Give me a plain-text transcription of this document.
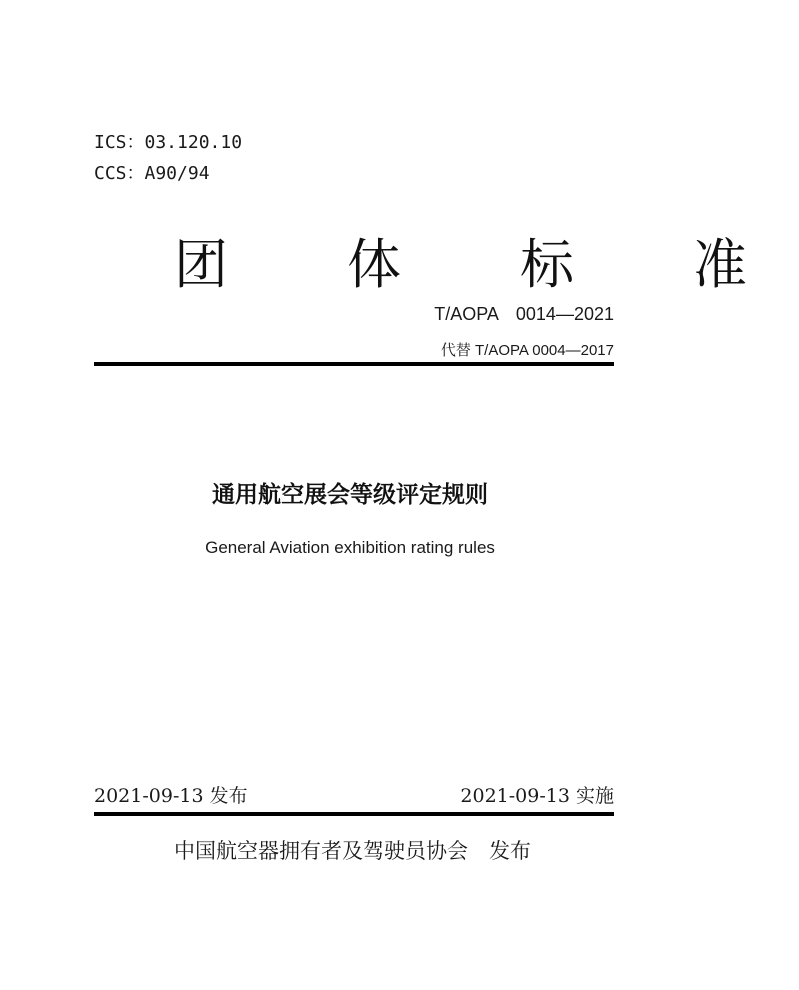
ICS：03.120.10

CCS：A90/94

团 体 标 准

T/AOPA　0014—2021

代替 T/AOPA 0004—2017

通用航空展会等级评定规则

General Aviation exhibition rating rules

2021-09-13 发布	2021-09-13 实施

中国航空器拥有者及驾驶员协会　发布
